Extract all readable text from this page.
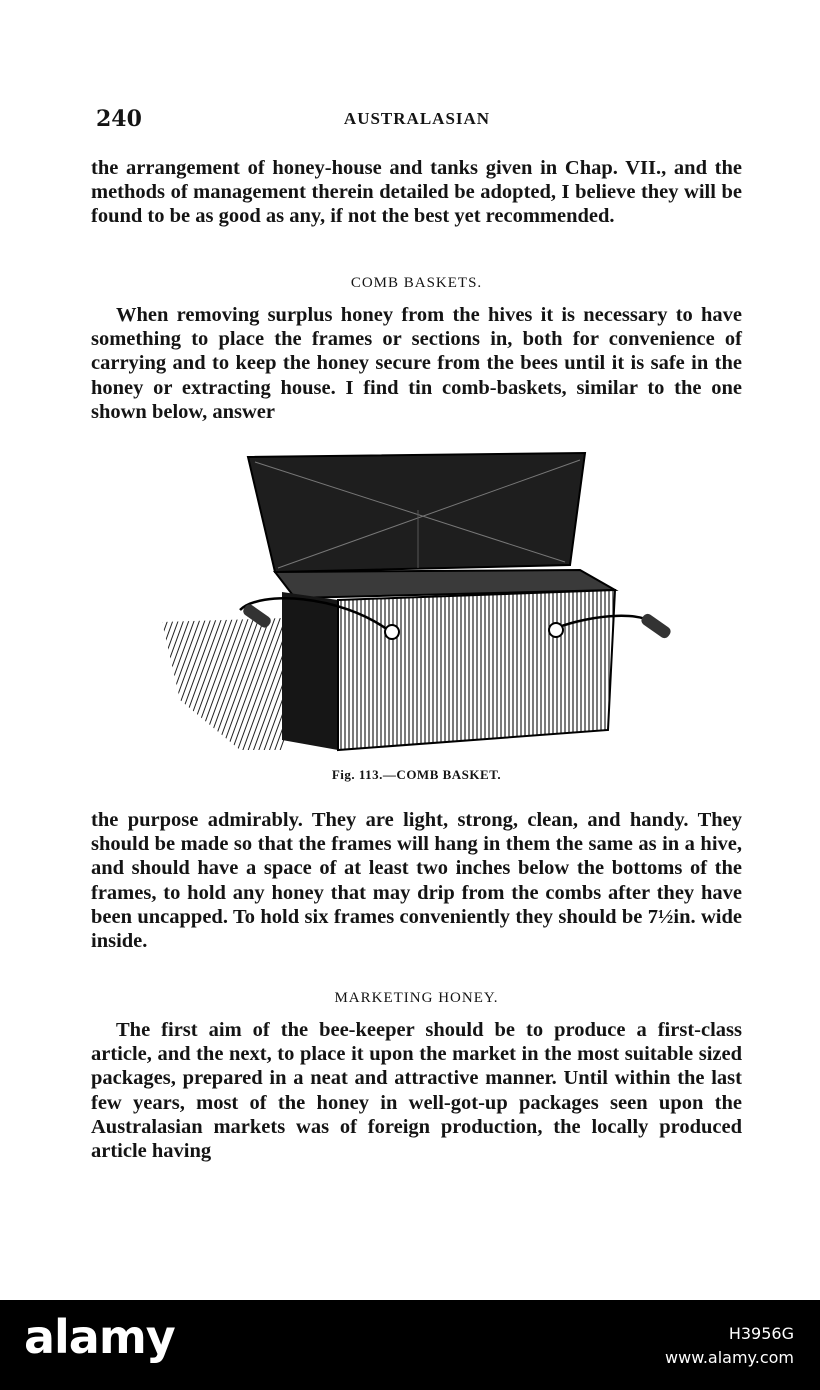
240	AUSTRALASIAN

the arrangement of honey-house and tanks given in Chap. VII., and the methods of management therein detailed be adopted, I believe they will be found to be as good as any, if not the best yet recommended.

COMB BASKETS.

When removing surplus honey from the hives it is necessary to have something to place the frames or sections in, both for convenience of carrying and to keep the honey secure from the bees until it is safe in the honey or extracting house. I find tin comb-baskets, similar to the one shown below, answer

Fig. 113.—COMB BASKET.

the purpose admirably. They are light, strong, clean, and handy. They should be made so that the frames will hang in them the same as in a hive, and should have a space of at least two inches below the bottoms of the frames, to hold any honey that may drip from the combs after they have been uncapped. To hold six frames conveniently they should be 7½in. wide inside.

MARKETING HONEY.

The first aim of the bee-keeper should be to produce a first-class article, and the next, to place it upon the market in the most suitable sized packages, prepared in a neat and attractive manner. Until within the last few years, most of the honey in well-got-up packages seen upon the Australasian markets was of foreign production, the locally produced article having

alamy	H3956G
www.alamy.com
